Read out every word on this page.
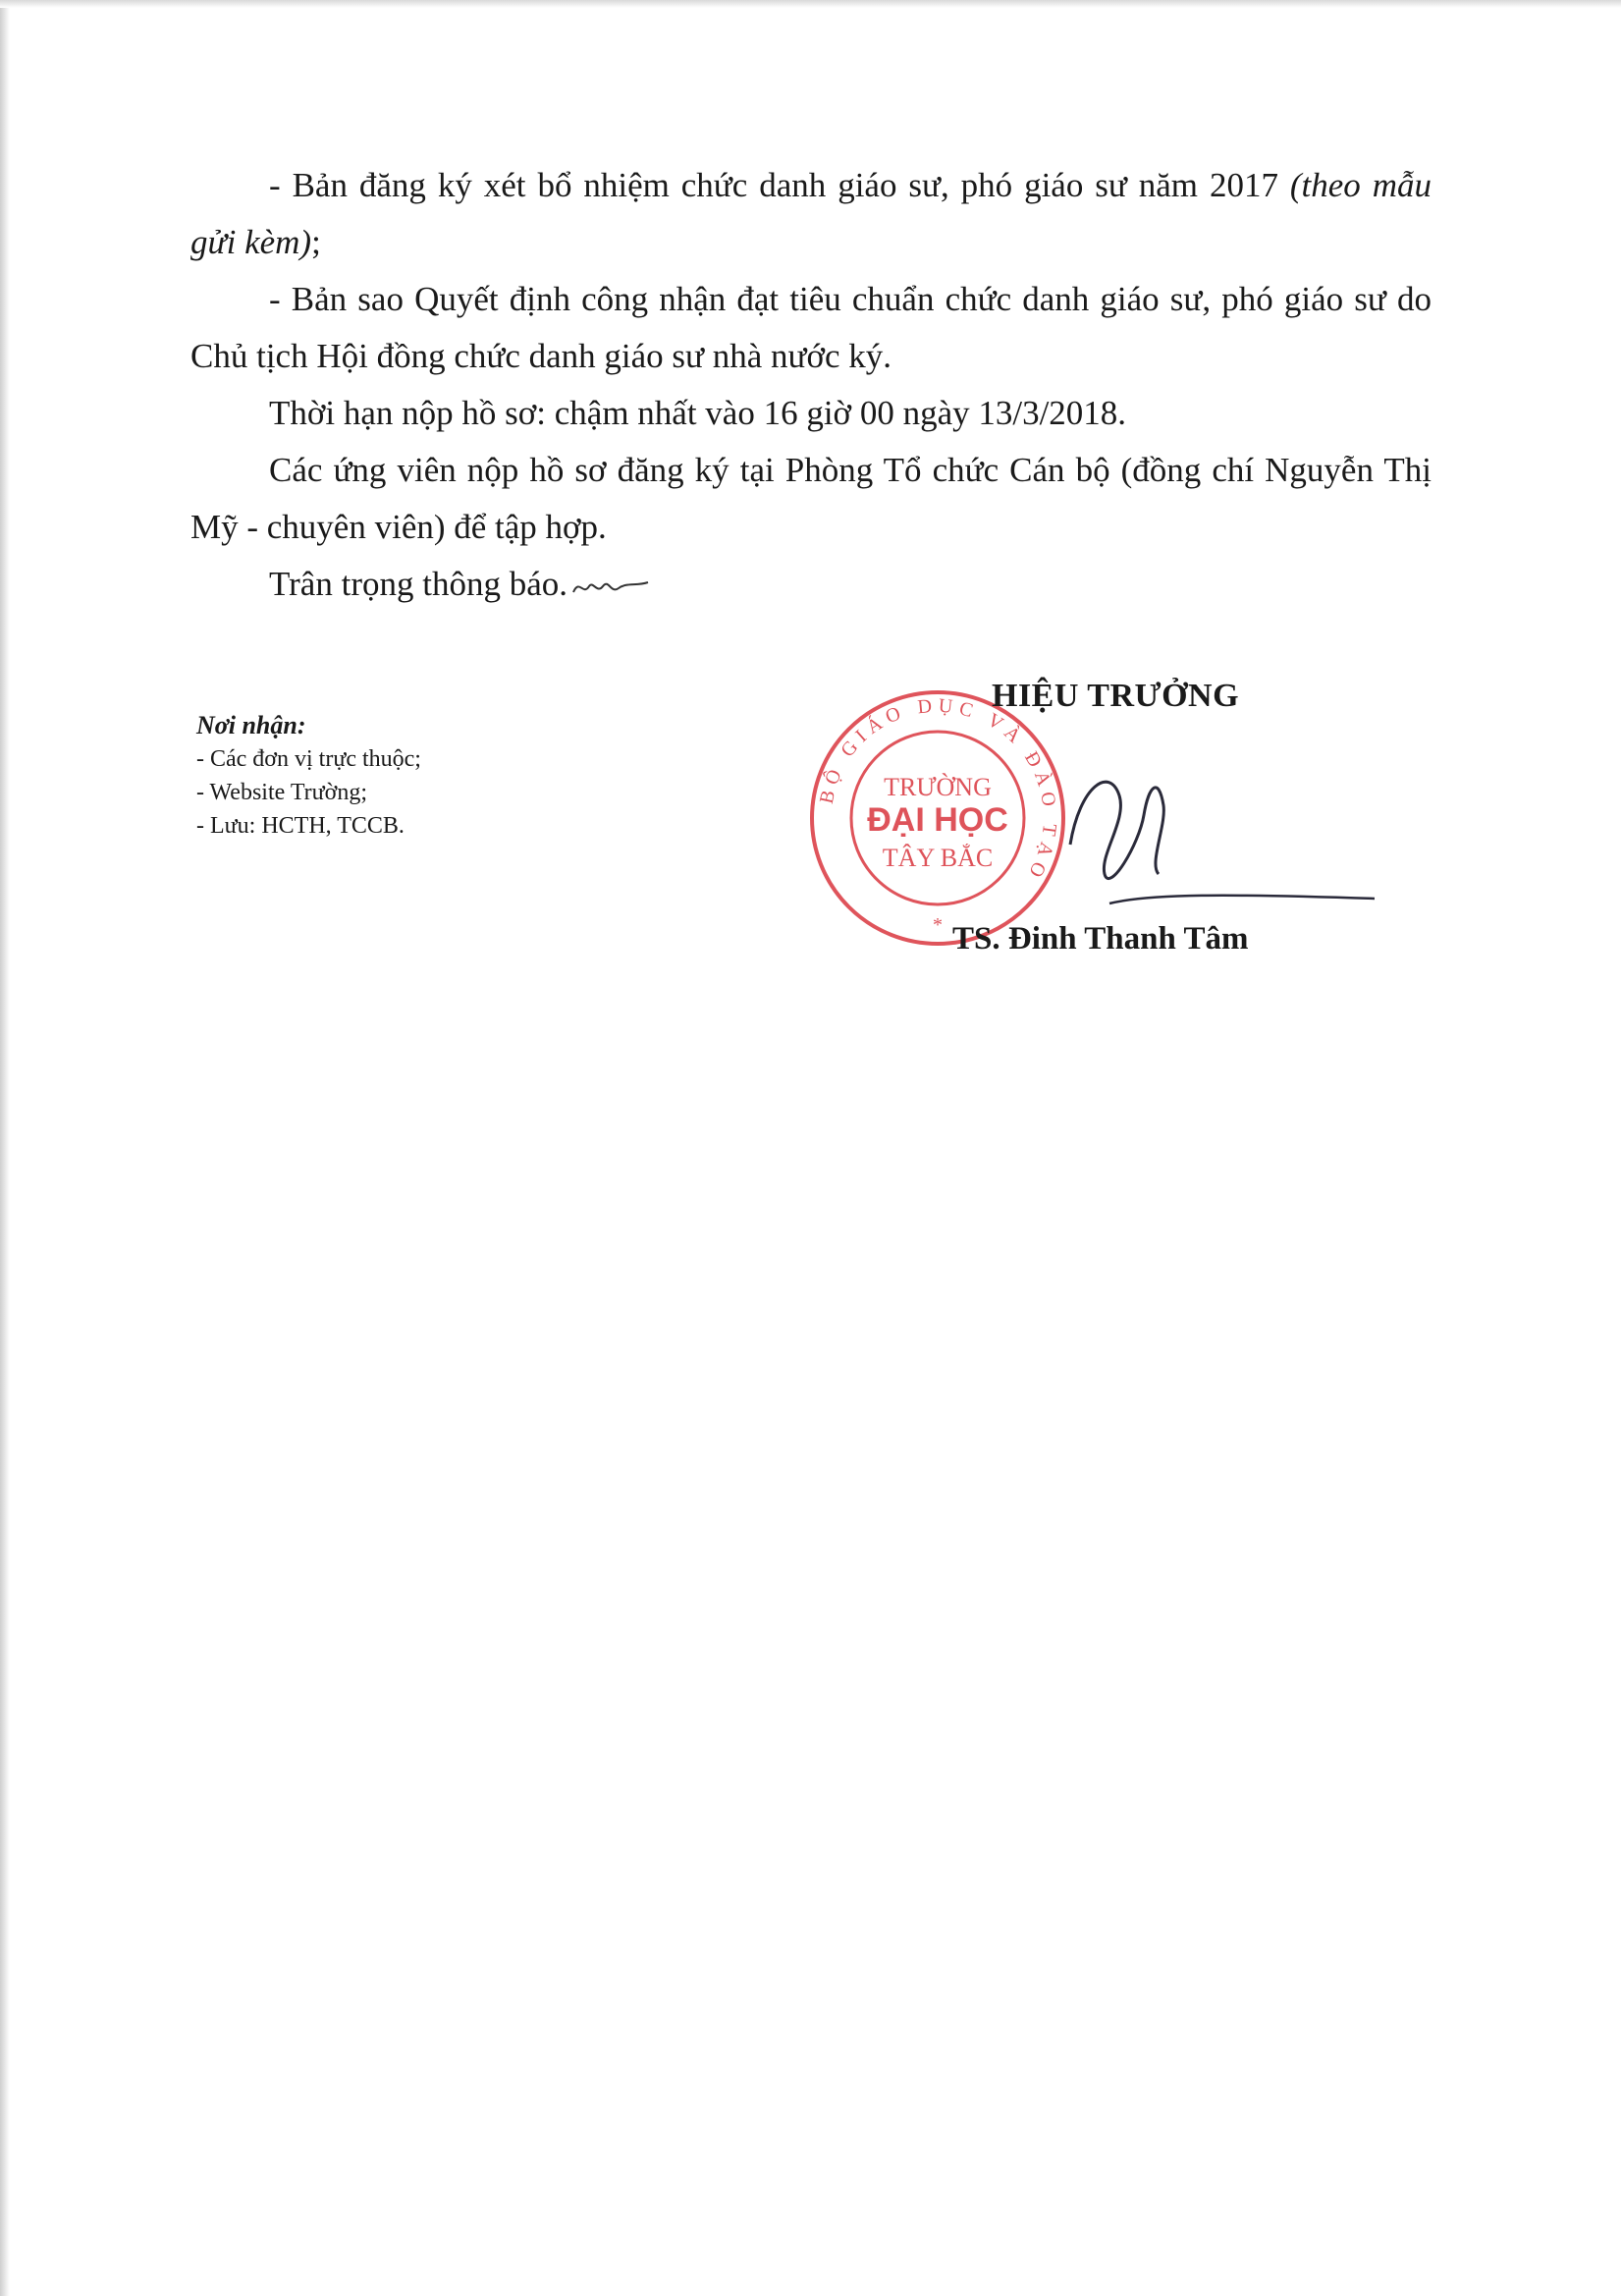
- Bản đăng ký xét bổ nhiệm chức danh giáo sư, phó giáo sư năm 2017 (theo mẫu gửi kèm);

- Bản sao Quyết định công nhận đạt tiêu chuẩn chức danh giáo sư, phó giáo sư do Chủ tịch Hội đồng chức danh giáo sư nhà nước ký.

Thời hạn nộp hồ sơ: chậm nhất vào 16 giờ 00 ngày 13/3/2018.

Các ứng viên nộp hồ sơ đăng ký tại Phòng Tổ chức Cán bộ (đồng chí Nguyễn Thị Mỹ - chuyên viên) để tập hợp.

Trân trọng thông báo.

Nơi nhận:
- Các đơn vị trực thuộc;
- Website Trường;
- Lưu: HCTH, TCCB.
BỘ GIÁO DỤC VÀ ĐÀO TẠO
TRƯỜNG
ĐẠI HỌC
TÂY BẮC
*
HIỆU TRƯỞNG
TS. Đinh Thanh Tâm
